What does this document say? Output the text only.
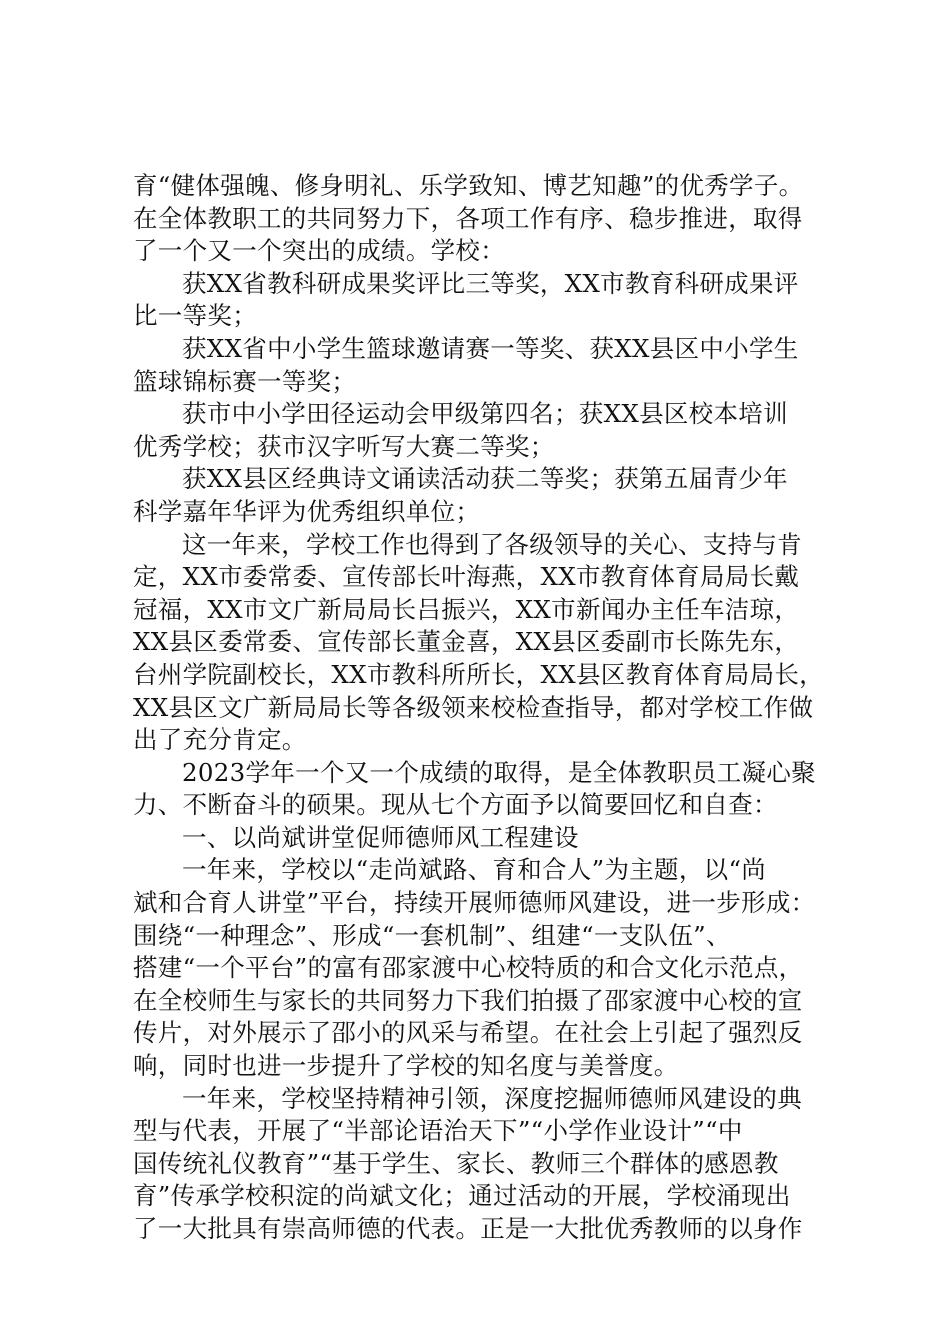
育“健体强魄、修身明礼、乐学致知、博艺知趣”的优秀学子。
在全体教职工的共同努力下，各项工作有序、稳步推进，取得
了一个又一个突出的成绩。学校：
获XX省教科研成果奖评比三等奖，XX市教育科研成果评
比一等奖；
获XX省中小学生篮球邀请赛一等奖、获XX县区中小学生
篮球锦标赛一等奖；
获市中小学田径运动会甲级第四名；获XX县区校本培训
优秀学校；获市汉字听写大赛二等奖；
获XX县区经典诗文诵读活动获二等奖；获第五届青少年
科学嘉年华评为优秀组织单位；
这一年来，学校工作也得到了各级领导的关心、支持与肯
定，XX市委常委、宣传部长叶海燕，XX市教育体育局局长戴
冠福，XX市文广新局局长吕振兴，XX市新闻办主任车洁琼，
XX县区委常委、宣传部长董金喜，XX县区委副市长陈先东，
台州学院副校长，XX市教科所所长，XX县区教育体育局局长，
XX县区文广新局局长等各级领来校检查指导，都对学校工作做
出了充分肯定。
2023学年一个又一个成绩的取得，是全体教职员工凝心聚
力、不断奋斗的硕果。现从七个方面予以简要回忆和自查：
一、以尚斌讲堂促师德师风工程建设
一年来，学校以“走尚斌路、育和合人”为主题，以“尚
斌和合育人讲堂”平台，持续开展师德师风建设，进一步形成：
围绕“一种理念”、形成“一套机制”、组建“一支队伍”、
搭建“一个平台”的富有邵家渡中心校特质的和合文化示范点，
在全校师生与家长的共同努力下我们拍摄了邵家渡中心校的宣
传片，对外展示了邵小的风采与希望。在社会上引起了强烈反
响，同时也进一步提升了学校的知名度与美誉度。
一年来，学校坚持精神引领，深度挖掘师德师风建设的典
型与代表，开展了“半部论语治天下”“小学作业设计”“中
国传统礼仪教育”“基于学生、家长、教师三个群体的感恩教
育”传承学校积淀的尚斌文化；通过活动的开展，学校涌现出
了一大批具有崇高师德的代表。正是一大批优秀教师的以身作
